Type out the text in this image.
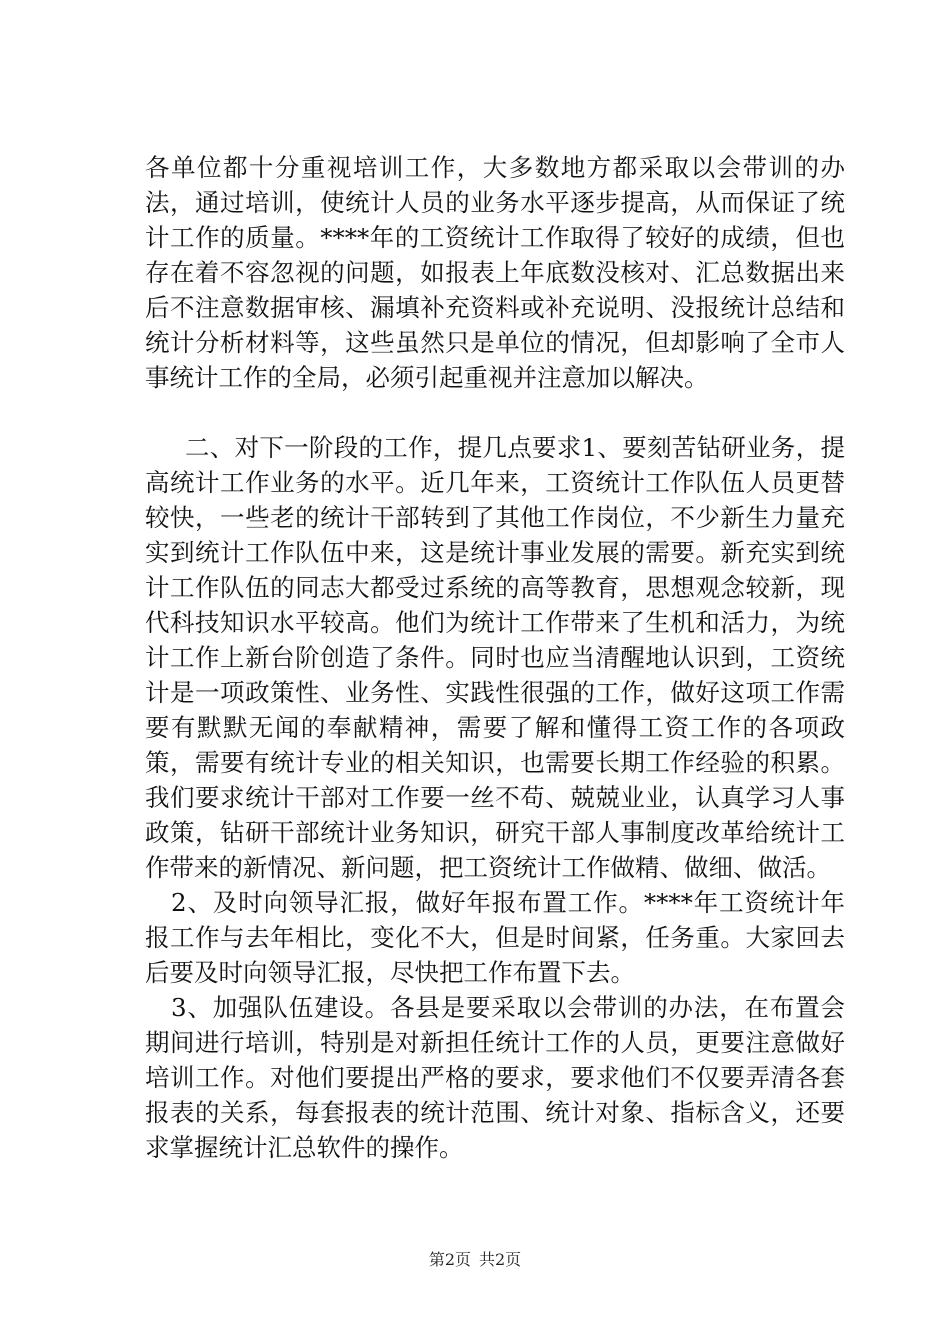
各单位都十分重视培训工作，大多数地方都采取以会带训的办法，通过培训，使统计人员的业务水平逐步提高，从而保证了统计工作的质量。****年的工资统计工作取得了较好的成绩，但也存在着不容忽视的问题，如报表上年底数没核对、汇总数据出来后不注意数据审核、漏填补充资料或补充说明、没报统计总结和统计分析材料等，这些虽然只是单位的情况，但却影响了全市人事统计工作的全局，必须引起重视并注意加以解决。

二、对下一阶段的工作，提几点要求1、要刻苦钻研业务，提高统计工作业务的水平。近几年来，工资统计工作队伍人员更替较快，一些老的统计干部转到了其他工作岗位，不少新生力量充实到统计工作队伍中来，这是统计事业发展的需要。新充实到统计工作队伍的同志大都受过系统的高等教育，思想观念较新，现代科技知识水平较高。他们为统计工作带来了生机和活力，为统计工作上新台阶创造了条件。同时也应当清醒地认识到，工资统计是一项政策性、业务性、实践性很强的工作，做好这项工作需要有默默无闻的奉献精神，需要了解和懂得工资工作的各项政策，需要有统计专业的相关知识，也需要长期工作经验的积累。我们要求统计干部对工作要一丝不苟、兢兢业业，认真学习人事政策，钻研干部统计业务知识，研究干部人事制度改革给统计工作带来的新情况、新问题，把工资统计工作做精、做细、做活。

2、及时向领导汇报，做好年报布置工作。****年工资统计年报工作与去年相比，变化不大，但是时间紧，任务重。大家回去后要及时向领导汇报，尽快把工作布置下去。

3、加强队伍建设。各县是要采取以会带训的办法，在布置会期间进行培训，特别是对新担任统计工作的人员，更要注意做好培训工作。对他们要提出严格的要求，要求他们不仅要弄清各套报表的关系，每套报表的统计范围、统计对象、指标含义，还要求掌握统计汇总软件的操作。

第2页 共2页
